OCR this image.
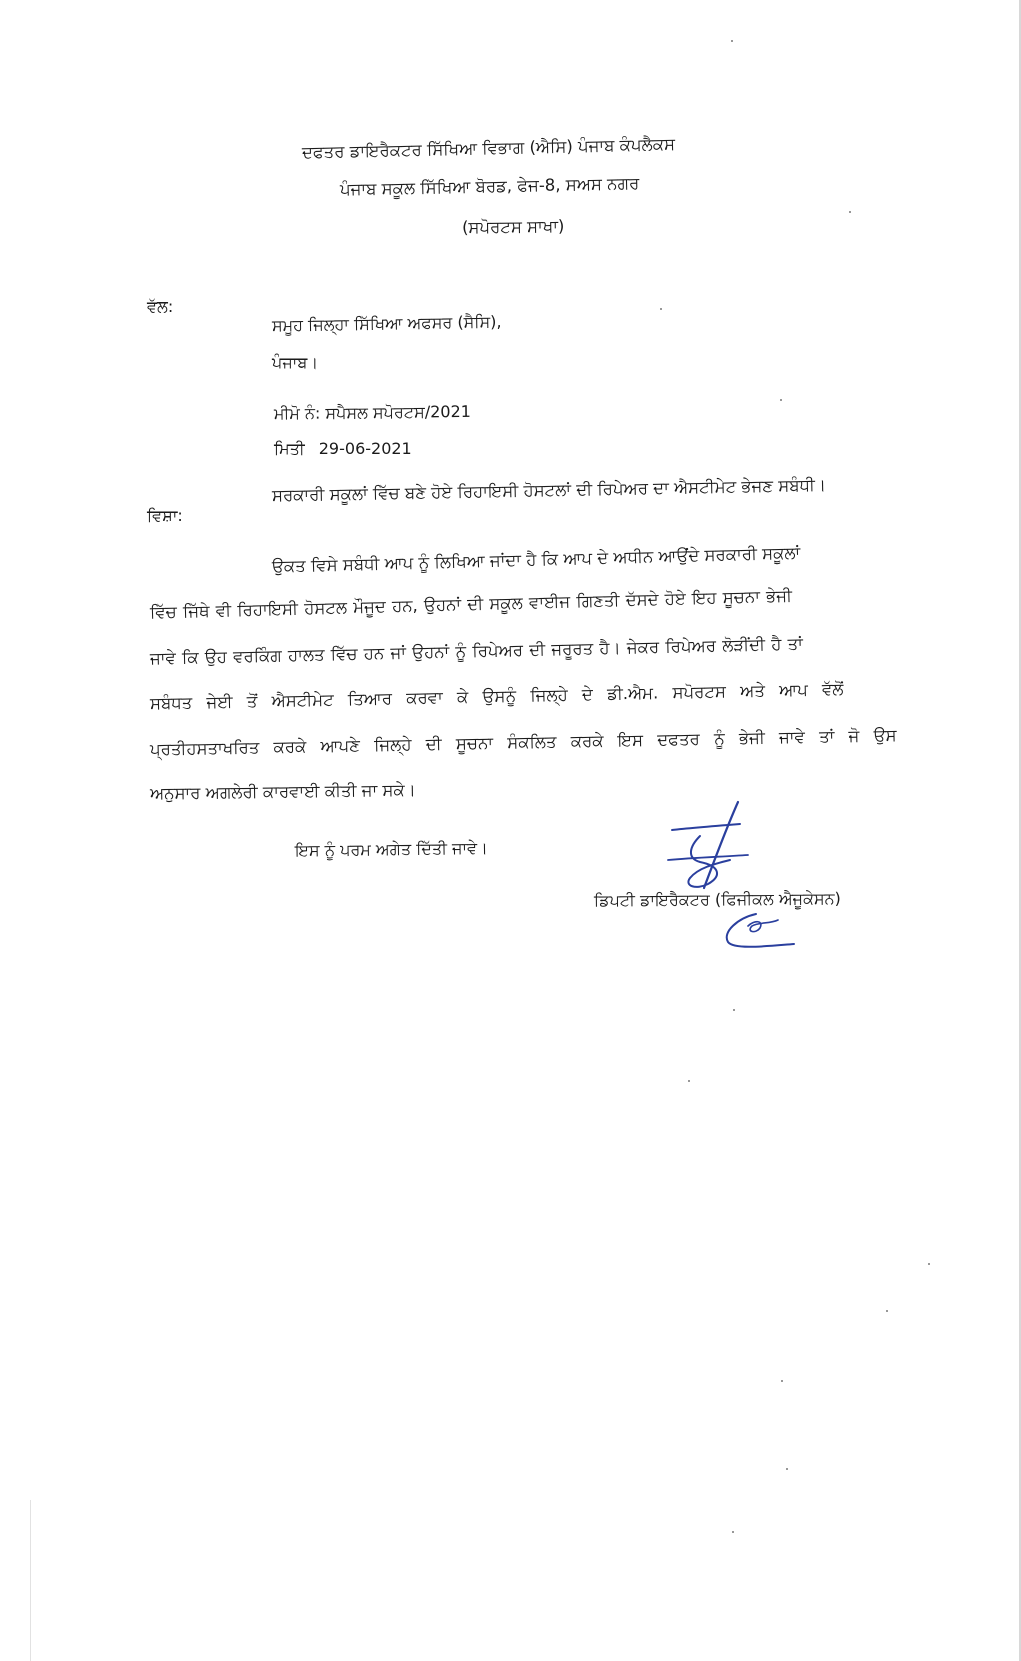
ਦਫਤਰ ਡਾਇਰੈਕਟਰ ਸਿੱਖਿਆ ਵਿਭਾਗ (ਐਸਿ) ਪੰਜਾਬ ਕੰਪਲੈਕਸ
ਪੰਜਾਬ ਸਕੂਲ ਸਿੱਖਿਆ ਬੋਰਡ, ਫੇਜ-8, ਸਅਸ ਨਗਰ
(ਸਪੋਰਟਸ ਸਾਖਾ)
ਵੱਲ:
ਸਮੂਹ ਜਿਲ੍ਹਾ ਸਿੱਖਿਆ ਅਫਸਰ (ਸੈਸਿ),
ਪੰਜਾਬ।
ਮੀਮੋ ਨੰ: ਸਪੈਸਲ ਸਪੋਰਟਸ/2021
ਮਿਤੀ 29-06-2021
ਵਿਸ਼ਾ:
ਸਰਕਾਰੀ ਸਕੂਲਾਂ ਵਿੱਚ ਬਣੇ ਹੋਏ ਰਿਹਾਇਸੀ ਹੋਸਟਲਾਂ ਦੀ ਰਿਪੇਅਰ ਦਾ ਐਸਟੀਮੇਟ ਭੇਜਣ ਸਬੰਧੀ।
ਉਕਤ ਵਿਸੇ ਸਬੰਧੀ ਆਪ ਨੂੰ ਲਿਖਿਆ ਜਾਂਦਾ ਹੈ ਕਿ ਆਪ ਦੇ ਅਧੀਨ ਆਉਂਦੇ ਸਰਕਾਰੀ ਸਕੂਲਾਂ
ਵਿੱਚ ਜਿੱਥੇ ਵੀ ਰਿਹਾਇਸੀ ਹੋਸਟਲ ਮੌਜੂਦ ਹਨ, ਉਹਨਾਂ ਦੀ ਸਕੂਲ ਵਾਈਜ ਗਿਣਤੀ ਦੱਸਦੇ ਹੋਏ ਇਹ ਸੂਚਨਾ ਭੇਜੀ
ਜਾਵੇ ਕਿ ਉਹ ਵਰਕਿੰਗ ਹਾਲਤ ਵਿੱਚ ਹਨ ਜਾਂ ਉਹਨਾਂ ਨੂੰ ਰਿਪੇਅਰ ਦੀ ਜਰੂਰਤ ਹੈ। ਜੇਕਰ ਰਿਪੇਅਰ ਲੋੜੀਂਦੀ ਹੈ ਤਾਂ
ਸਬੰਧਤ ਜੇਈ ਤੋਂ ਐਸਟੀਮੇਟ ਤਿਆਰ ਕਰਵਾ ਕੇ ਉਸਨੂੰ ਜਿਲ੍ਹੇ ਦੇ ਡੀ.ਐਮ. ਸਪੋਰਟਸ ਅਤੇ ਆਪ ਵੱਲੋਂ
ਪ੍ਰਤੀਹਸਤਾਖਰਿਤ ਕਰਕੇ ਆਪਣੇ ਜਿਲ੍ਹੇ ਦੀ ਸੂਚਨਾ ਸੰਕਲਿਤ ਕਰਕੇ ਇਸ ਦਫਤਰ ਨੂੰ ਭੇਜੀ ਜਾਵੇ ਤਾਂ ਜੋ ਉਸ
ਅਨੁਸਾਰ ਅਗਲੇਰੀ ਕਾਰਵਾਈ ਕੀਤੀ ਜਾ ਸਕੇ।
ਇਸ ਨੂੰ ਪਰਮ ਅਗੇਤ ਦਿੱਤੀ ਜਾਵੇ।
ਡਿਪਟੀ ਡਾਇਰੈਕਟਰ (ਫਿਜੀਕਲ ਐਜੂਕੇਸਨ)
